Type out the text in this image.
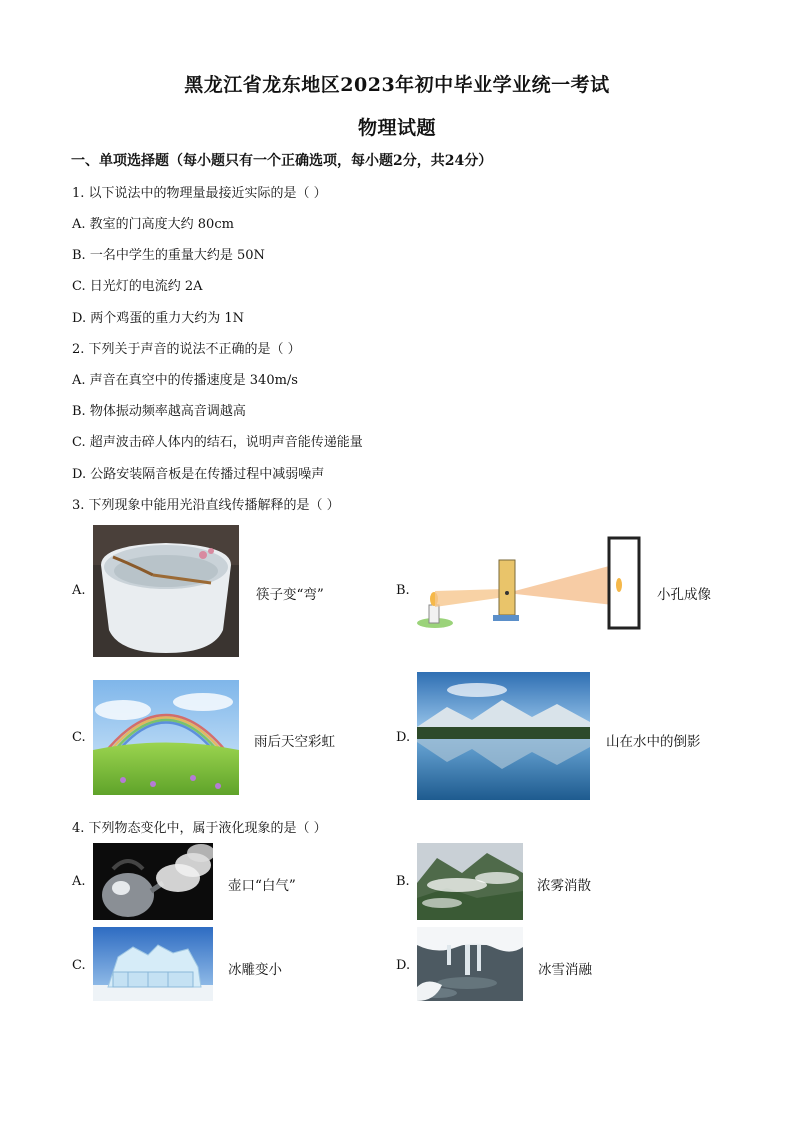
黑龙江省龙东地区2023年初中毕业学业统一考试
物理试题
一、单项选择题（每小题只有一个正确选项，每小题2分，共24分）
1. 以下说法中的物理量最接近实际的是（ ）
A. 教室的门高度大约 80cm
B. 一名中学生的重量大约是 50N
C. 日光灯的电流约 2A
D. 两个鸡蛋的重力大约为 1N
2. 下列关于声音的说法不正确的是（ ）
A. 声音在真空中的传播速度是 340m/s
B. 物体振动频率越高音调越高
C. 超声波击碎人体内的结石，说明声音能传递能量
D. 公路安装隔音板是在传播过程中减弱噪声
3. 下列现象中能用光沿直线传播解释的是（ ）
A.	筷子变“弯”	B.	小孔成像
C.	雨后天空彩虹	D.	山在水中的倒影
4. 下列物态变化中，属于液化现象的是（ ）
A.	壶口“白气”	B.	浓雾消散
C.	冰雕变小	D.	冰雪消融
